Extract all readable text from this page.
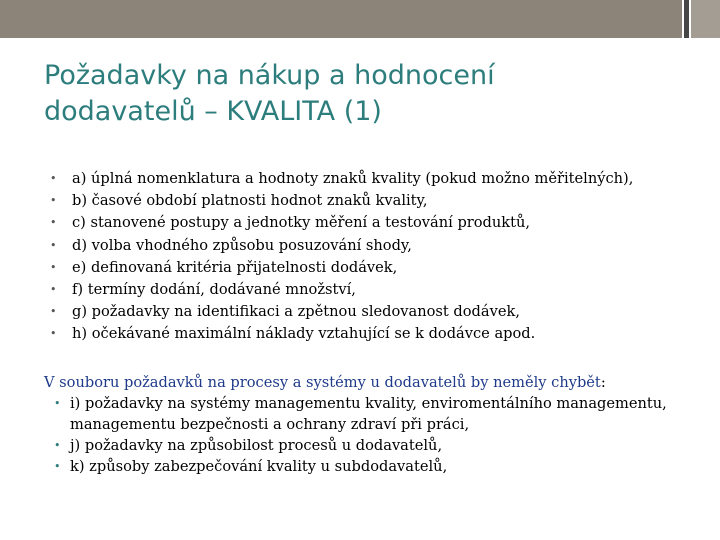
Požadavky na nákup a hodnocení
dodavatelů – KVALITA (1)
• a) úplná nomenklatura a hodnoty znaků kvality (pokud možno měřitelných),
• b) časové období platnosti hodnot znaků kvality,
• c) stanovené postupy a jednotky měření a testování produktů,
• d) volba vhodného způsobu posuzování shody,
• e) definovaná kritéria přijatelnosti dodávek,
• f) termíny dodání, dodávané množství,
• g) požadavky na identifikaci a zpětnou sledovanost dodávek,
• h) očekávané maximální náklady vztahující se k dodávce apod.
V souboru požadavků na procesy a systémy u dodavatelů by neměly chybět:
• i) požadavky na systémy managementu kvality, enviromentálního managementu, managementu bezpečnosti a ochrany zdraví při práci,
• j) požadavky na způsobilost procesů u dodavatelů,
• k) způsoby zabezpečování kvality u subdodavatelů,
